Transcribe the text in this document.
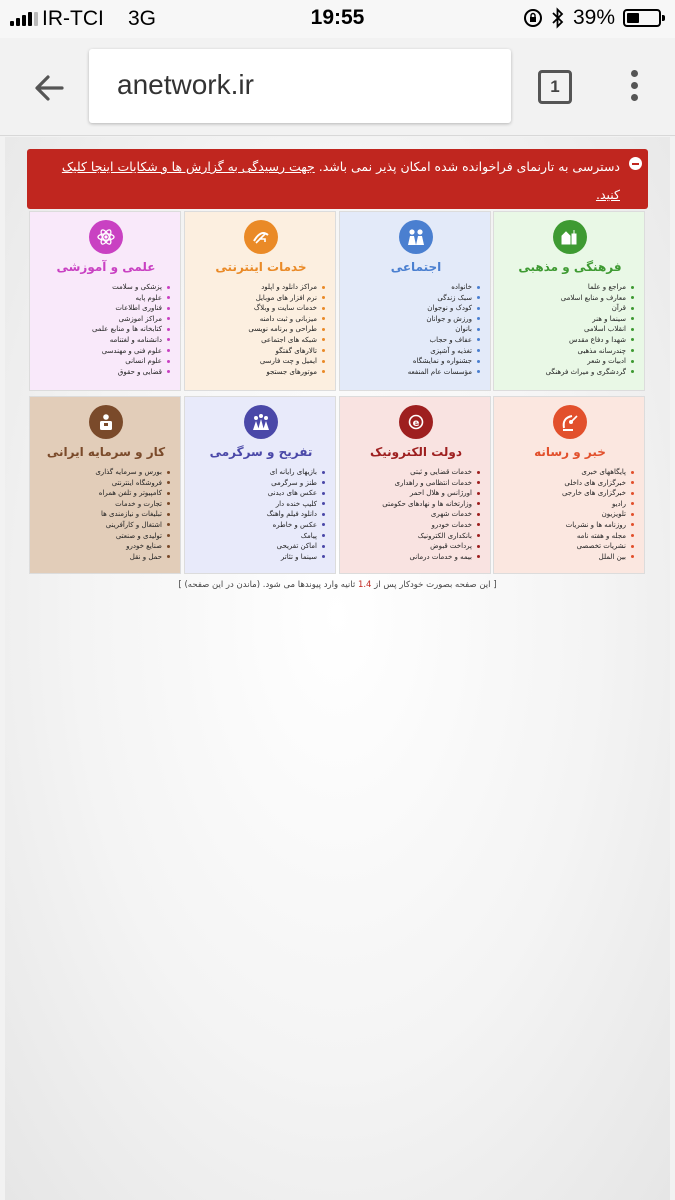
IR-TCI 3G	19:55	39%
anetwork.ir	1
دسترسی به تارنمای فراخوانده شده امکان پذیر نمی باشد. جهت رسیدگی به گزارش ها و شکایات اینجا کلیک کنید.
فرهنگی و مذهبی
مراجع و علما
معارف و منابع اسلامی
قرآن
سینما و هنر
انقلاب اسلامی
شهدا و دفاع مقدس
چندرسانه مذهبی
ادبیات و شعر
گردشگری و میراث فرهنگی
اجتماعی
خانواده
سبک زندگی
کودک و نوجوان
ورزش و جوانان
بانوان
عفاف و حجاب
تغذیه و آشپزی
جشنواره و نمایشگاه
مؤسسات عام المنفعه
خدمات اینترنتی
مراکز دانلود و اپلود
نرم افزار های موبایل
خدمات سایت و وبلاگ
میزبانی و ثبت دامنه
طراحی و برنامه نویسی
شبکه های اجتماعی
تالارهای گفتگو
ایمیل و چت فارسی
موتورهای جستجو
علمی و آموزشی
پزشکی و سلامت
علوم پایه
فناوری اطلاعات
مراکز اموزشی
کتابخانه ها و منابع علمی
دانشنامه و لغتنامه
علوم فنی و مهندسی
علوم انسانی
قضایی و حقوق
خبر و رسانه
پایگاههای خبری
خبرگزاری های داخلی
خبرگزاری های خارجی
رادیو
تلویزیون
روزنامه ها و نشریات
مجله و هفته نامه
نشریات تخصصی
بین الملل
e
دولت الکترونیک
خدمات قضایی و ثبتی
خدمات انتظامی و راهداری
اورژانس و هلال احمر
وزارتخانه ها و نهادهای حکومتی
خدمات شهری
خدمات خودرو
بانکداری الکترونیک
پرداخت قبوض
بیمه و خدمات درمانی
تفریح و سرگرمی
بازیهای رایانه ای
طنز و سرگرمی
عکس های دیدنی
کلیپ خنده دار
دانلود فیلم واهنگ
عکس و خاطره
پیامک
اماکن تفریحی
سینما و تئاتر
کار و سرمایه ایرانی
بورس و سرمایه گذاری
فروشگاه اینترنتی
کامپیوتر و تلفن همراه
تجارت و خدمات
تبلیغات و نیازمندی ها
اشتغال و کارآفرینی
تولیدی و صنعتی
صنایع خودرو
حمل و نقل
[ این صفحه بصورت خودکار پس از 1.4 ثانیه وارد پیوندها می شود. (ماندن در این صفحه) ]
